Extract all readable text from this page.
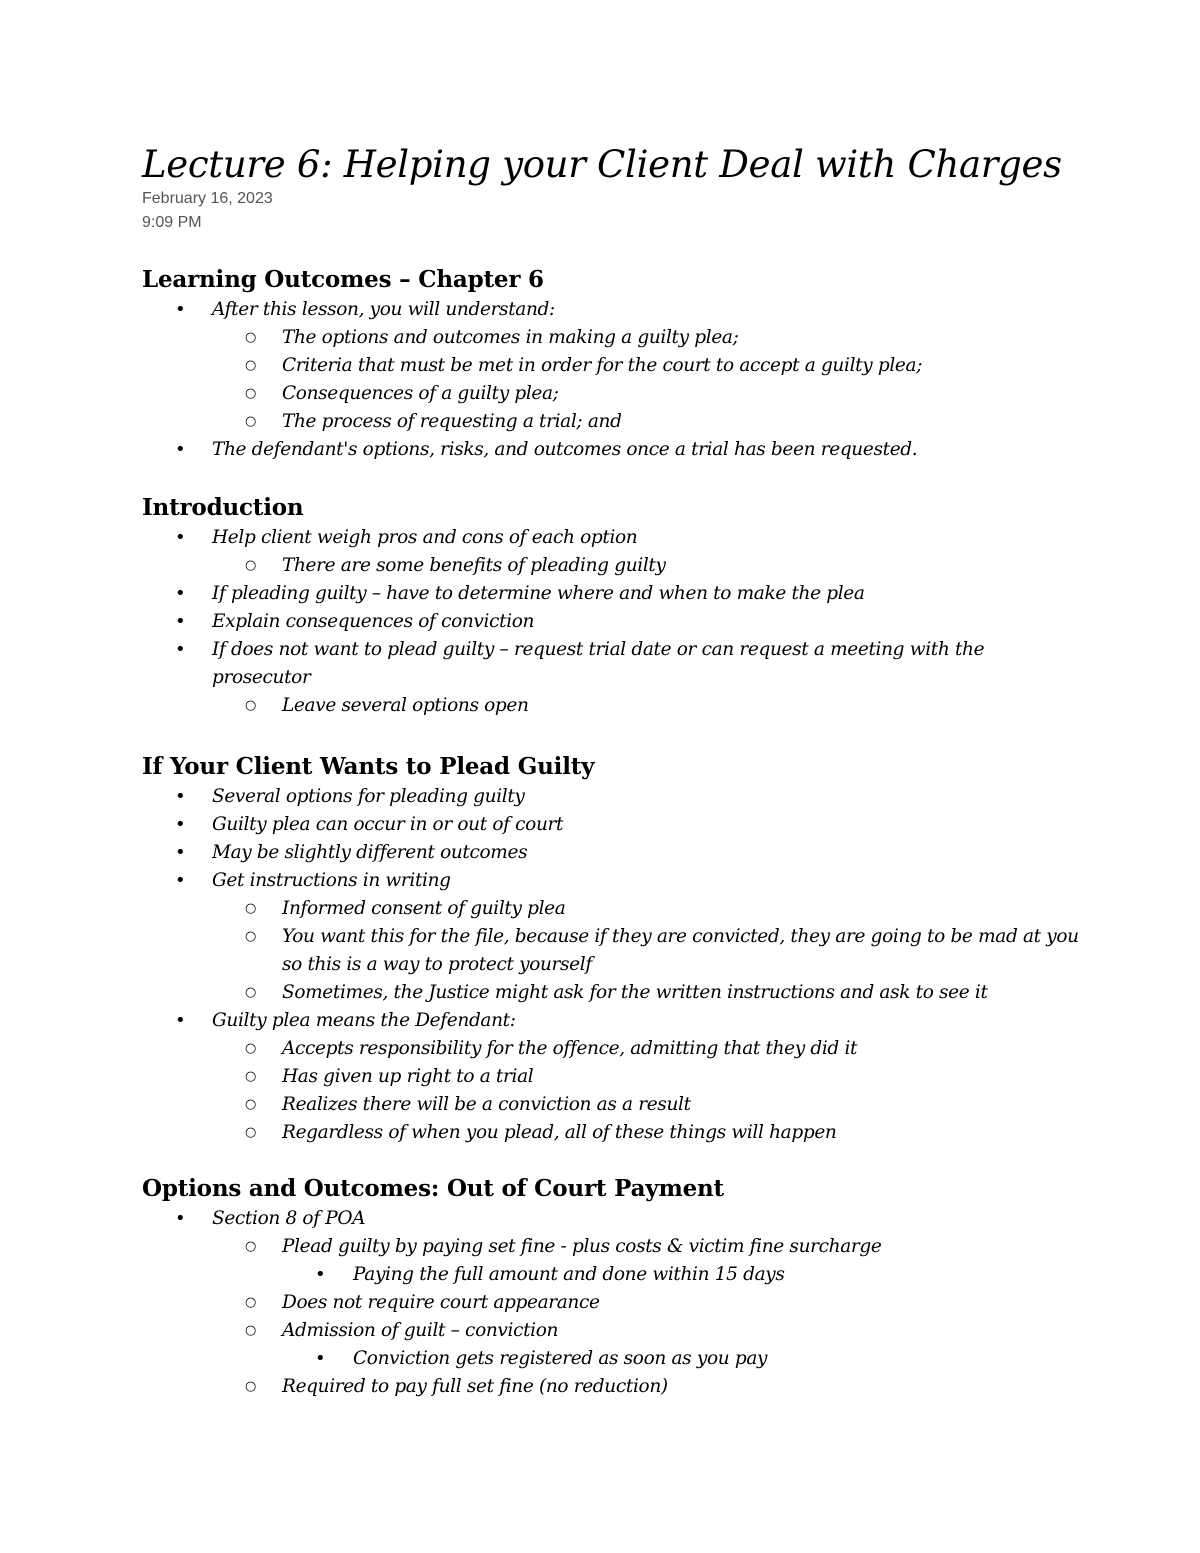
Lecture 6: Helping your Client Deal with Charges
February 16, 2023
9:09 PM
Learning Outcomes – Chapter 6
• After this lesson, you will understand:
○ The options and outcomes in making a guilty plea;
○ Criteria that must be met in order for the court to accept a guilty plea;
○ Consequences of a guilty plea;
○ The process of requesting a trial; and
• The defendant's options, risks, and outcomes once a trial has been requested.
Introduction
• Help client weigh pros and cons of each option
○ There are some benefits of pleading guilty
• If pleading guilty – have to determine where and when to make the plea
• Explain consequences of conviction
• If does not want to plead guilty – request trial date or can request a meeting with the prosecutor
○ Leave several options open
If Your Client Wants to Plead Guilty
• Several options for pleading guilty
• Guilty plea can occur in or out of court
• May be slightly different outcomes
• Get instructions in writing
○ Informed consent of guilty plea
○ You want this for the file, because if they are convicted, they are going to be mad at you so this is a way to protect yourself
○ Sometimes, the Justice might ask for the written instructions and ask to see it
• Guilty plea means the Defendant:
○ Accepts responsibility for the offence, admitting that they did it
○ Has given up right to a trial
○ Realizes there will be a conviction as a result
○ Regardless of when you plead, all of these things will happen
Options and Outcomes: Out of Court Payment
• Section 8 of POA
○ Plead guilty by paying set fine - plus costs & victim fine surcharge
• Paying the full amount and done within 15 days
○ Does not require court appearance
○ Admission of guilt – conviction
• Conviction gets registered as soon as you pay
○ Required to pay full set fine (no reduction)
